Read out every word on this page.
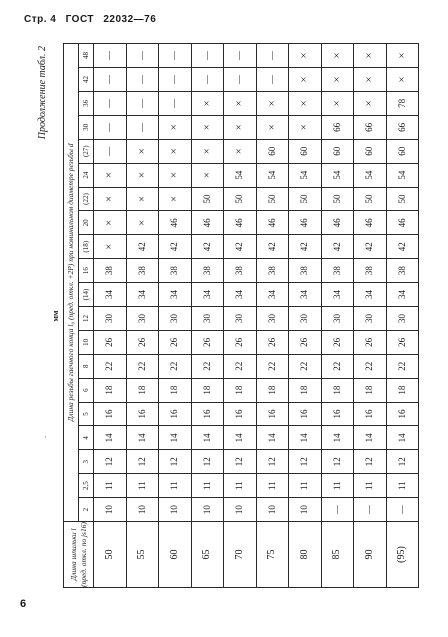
Стр. 4 ГОСТ 22032—76
·
Продолжение табл. 2
мм
Длина шпильки l
(пред. откл. по js16)	Длина резьбы гаечного конца l₀ (пред. откл. +2P) при номинальном диаметре резьбы d																			
	2	2,5	3	4	5	6	8	10	12	(14)	16	(18)	20	(22)	24	(27)	30	36	42	48
50	10	11	12	14	16	18	22	26	30	34	38	×	×	×	×	—	—	—	—	—
55	10	11	12	14	16	18	22	26	30	34	38	42	×	×	×	×	—	—	—	—
60	10	11	12	14	16	18	22	26	30	34	38	42	46	×	×	×	×	—	—	—
65	10	11	12	14	16	18	22	26	30	34	38	42	46	50	×	×	×	×	—	—
70	10	11	12	14	16	18	22	26	30	34	38	42	46	50	54	×	×	×	—	—
75	10	11	12	14	16	18	22	26	30	34	38	42	46	50	54	60	×	×	—	—
80	10	11	12	14	16	18	22	26	30	34	38	42	46	50	54	60	×	×	×	×
85	—	11	12	14	16	18	22	26	30	34	38	42	46	50	54	60	66	×	×	×
90	—	11	12	14	16	18	22	26	30	34	38	42	46	50	54	60	66	×	×	×
(95)	—	11	12	14	16	18	22	26	30	34	38	42	46	50	54	60	66	78	×	×
6
